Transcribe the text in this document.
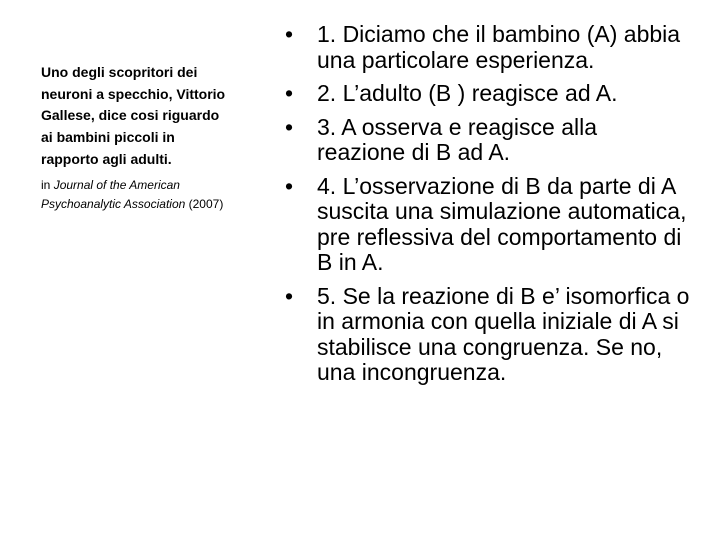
Uno degli scopritori dei neuroni a specchio, Vittorio Gallese, dice cosi riguardo ai bambini piccoli in rapporto agli adulti.

in Journal of the American Psychoanalytic Association (2007)
•	1. Diciamo che il bambino (A) abbia una particolare esperienza.
•	2. L’adulto (B ) reagisce ad A.
•	3. A osserva e reagisce alla reazione di B ad A.
•	4. L’osservazione di B da parte di A suscita una simulazione automatica, pre reflessiva del comportamento di B in A.
•	5. Se la reazione di B e’ isomorfica o in armonia con quella iniziale di A si stabilisce una congruenza. Se no, una incongruenza.
